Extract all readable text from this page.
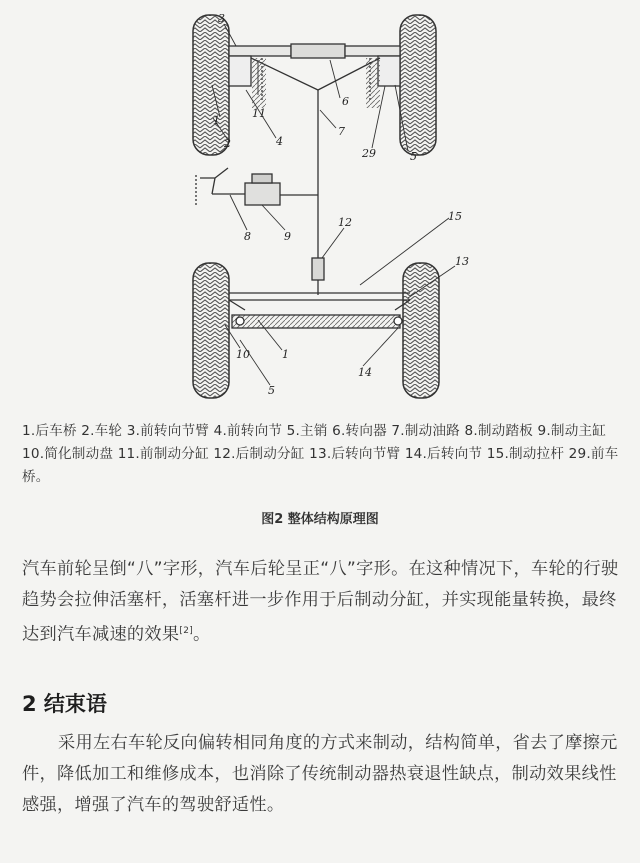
3
11
6
1
2	4
7
29	5
8	9
12	15
13
10	1
5
14
1.后车桥 2.车轮 3.前转向节臂 4.前转向节 5.主销 6.转向器 7.制动油路 8.制动踏板 9.制动主缸 10.简化制动盘 11.前制动分缸 12.后制动分缸 13.后转向节臂 14.后转向节 15.制动拉杆 29.前车桥。
图2 整体结构原理图

汽车前轮呈倒“八”字形，汽车后轮呈正“八”字形。在这种情况下，车轮的行驶趋势会拉伸活塞杆，活塞杆进一步作用于后制动分缸，并实现能量转换，最终达到汽车减速的效果[2]。

2 结束语

采用左右车轮反向偏转相同角度的方式来制动，结构简单，省去了摩擦元件，降低加工和维修成本，也消除了传统制动器热衰退性缺点，制动效果线性感强，增强了汽车的驾驶舒适性。
